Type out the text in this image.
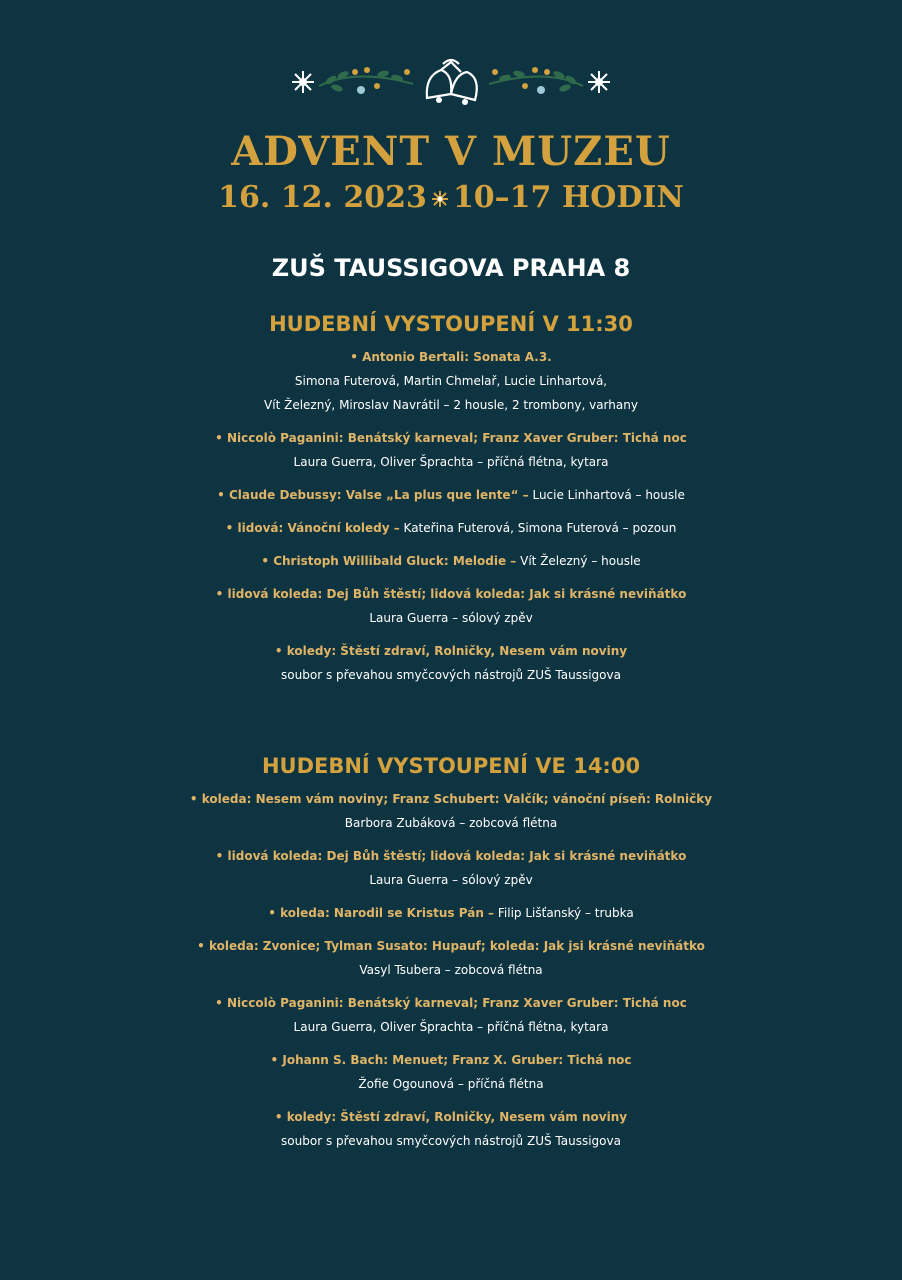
ADVENT V MUZEU
16. 12. 2023 10–17 HODIN
ZUŠ TAUSSIGOVA PRAHA 8
HUDEBNÍ VYSTOUPENÍ V 11:30
• Antonio Bertali: Sonata A.3.
Simona Futerová, Martin Chmelař, Lucie Linhartová,
Vít Železný, Miroslav Navrátil – 2 housle, 2 trombony, varhany
• Niccolò Paganini: Benátský karneval; Franz Xaver Gruber: Tichá noc
Laura Guerra, Oliver Šprachta – příčná flétna, kytara
• Claude Debussy: Valse „La plus que lente“ – Lucie Linhartová – housle
• lidová: Vánoční koledy – Kateřina Futerová, Simona Futerová – pozoun
• Christoph Willibald Gluck: Melodie – Vít Železný – housle
• lidová koleda: Dej Bůh štěstí; lidová koleda: Jak si krásné neviňátko
Laura Guerra – sólový zpěv
• koledy: Štěstí zdraví, Rolničky, Nesem vám noviny
soubor s převahou smyčcových nástrojů ZUŠ Taussigova
HUDEBNÍ VYSTOUPENÍ VE 14:00
• koleda: Nesem vám noviny; Franz Schubert: Valčík; vánoční píseň: Rolničky
Barbora Zubáková – zobcová flétna
• lidová koleda: Dej Bůh štěstí; lidová koleda: Jak si krásné neviňátko
Laura Guerra – sólový zpěv
• koleda: Narodil se Kristus Pán – Filip Lišťanský – trubka
• koleda: Zvonice; Tylman Susato: Hupauf; koleda: Jak jsi krásné neviňátko
Vasyl Tsubera – zobcová flétna
• Niccolò Paganini: Benátský karneval; Franz Xaver Gruber: Tichá noc
Laura Guerra, Oliver Šprachta – příčná flétna, kytara
• Johann S. Bach: Menuet; Franz X. Gruber: Tichá noc
Žofie Ogounová – příčná flétna
• koledy: Štěstí zdraví, Rolničky, Nesem vám noviny
soubor s převahou smyčcových nástrojů ZUŠ Taussigova
